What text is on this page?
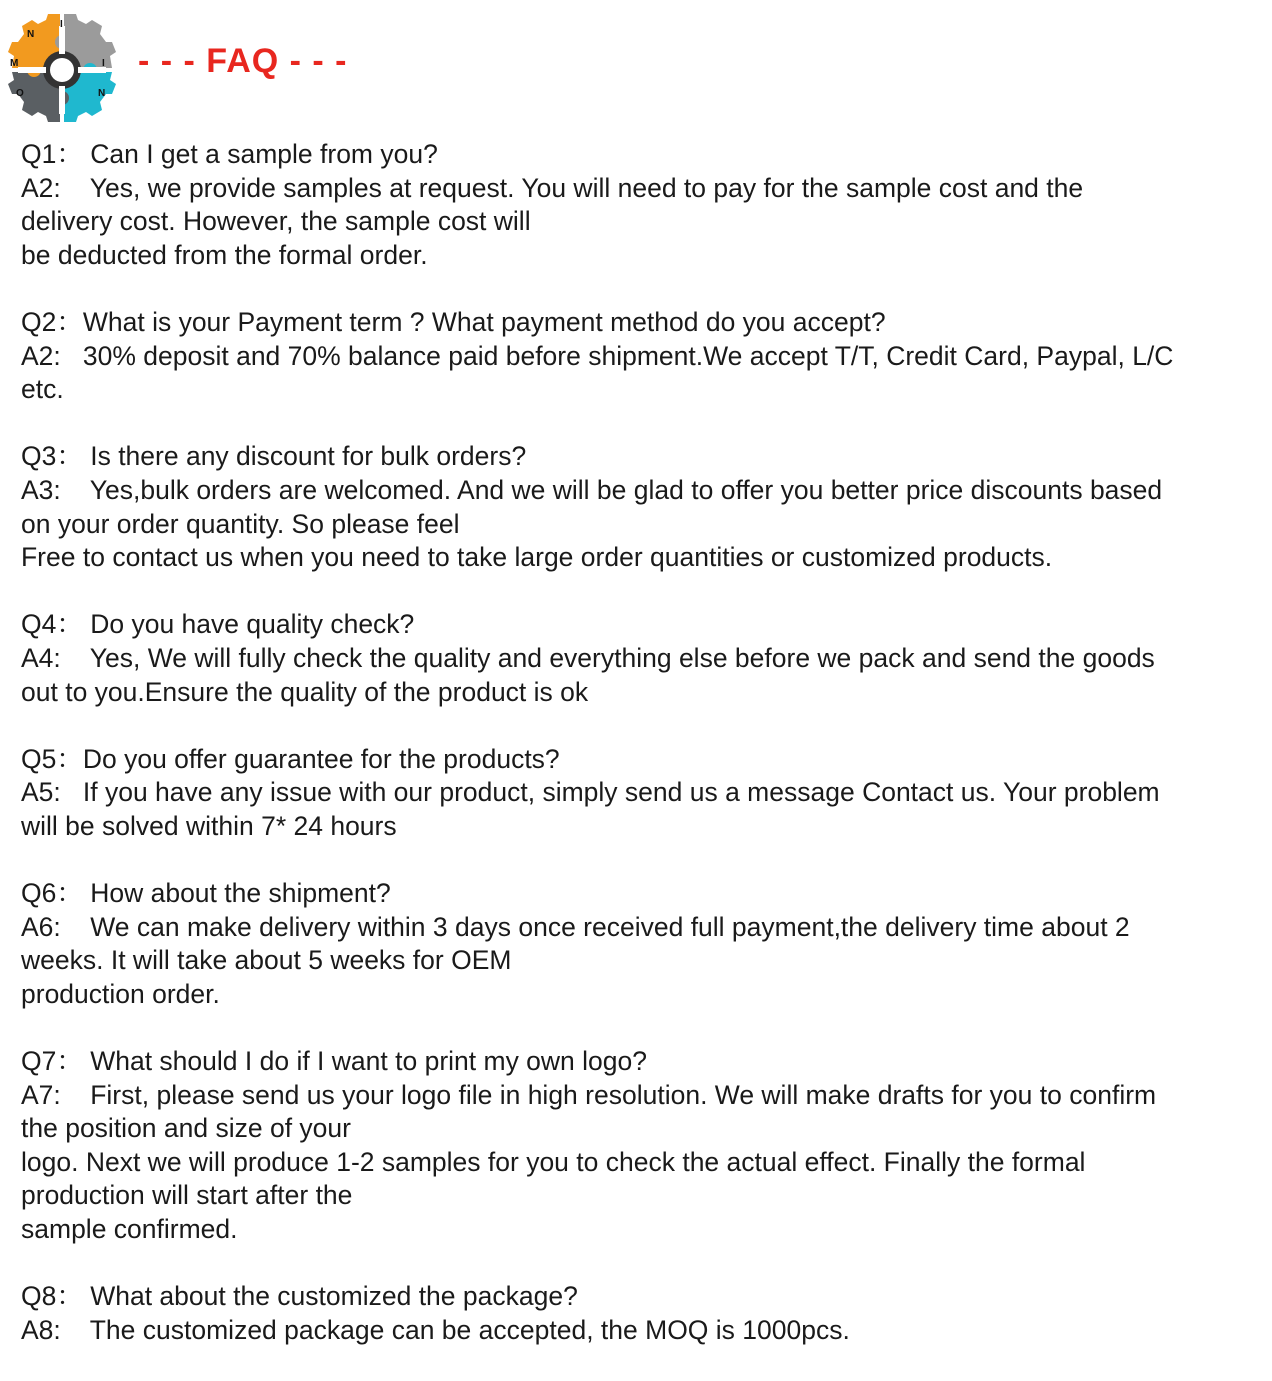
N
I
M	I
O	N
- - - FAQ - - -
Q1： Can I get a sample from you?
A2:    Yes, we provide samples at request. You will need to pay for the sample cost and the
delivery cost. However, the sample cost will
be deducted from the formal order.
Q2：What is your Payment term ? What payment method do you accept?
A2:   30% deposit and 70% balance paid before shipment.We accept T/T, Credit Card, Paypal, L/C
etc.
Q3： Is there any discount for bulk orders?
A3:    Yes,bulk orders are welcomed. And we will be glad to offer you better price discounts based
on your order quantity. So please feel
Free to contact us when you need to take large order quantities or customized products.
Q4： Do you have quality check?
A4:    Yes, We will fully check the quality and everything else before we pack and send the goods
out to you.Ensure the quality of the product is ok
Q5：Do you offer guarantee for the products?
A5:   If you have any issue with our product, simply send us a message Contact us. Your problem
will be solved within 7* 24 hours
Q6： How about the shipment?
A6:    We can make delivery within 3 days once received full payment,the delivery time about 2
weeks. It will take about 5 weeks for OEM
production order.
Q7： What should I do if I want to print my own logo?
A7:    First, please send us your logo file in high resolution. We will make drafts for you to confirm
the position and size of your
logo. Next we will produce 1-2 samples for you to check the actual effect. Finally the formal
production will start after the
sample confirmed.
Q8： What about the customized the package?
A8:    The customized package can be accepted, the MOQ is 1000pcs.
